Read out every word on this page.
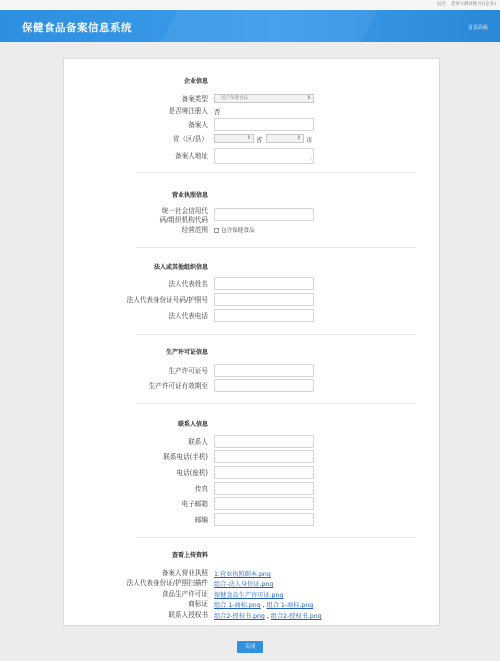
退出 您好!(测试账号)(企业)
保健食品备案信息系统	首页面板
企业信息
备案类型	国产保健食品	⇕
是否境注册人 否
备案人
省（区/县）	⇕ 省	⇕ 市
备案人地址	⟋
营业执照信息
统一社会信用代
码/组织机构代码
经营范围	包含保健食品
法人或其他组织信息
法人代表姓名
法人代表身份证号码/护照号
法人代表电话
生产许可证信息
生产许可证号
生产许可证有效期至
联系人信息
联系人
联系电话(手机)
电话(座机)
传真
电子邮箱
邮编
查看上传资料
备案人营业执照 1.营业执照副本.png
法人代表身份证/护照扫描件 组合-法人身份证.png
食品生产许可证 保健食品生产许可证.png
商标证 组合 1-商标.png , 组合 1-商标.png
联系人授权书 组合2-授权书.png , 组合2-授权书.png
关闭
